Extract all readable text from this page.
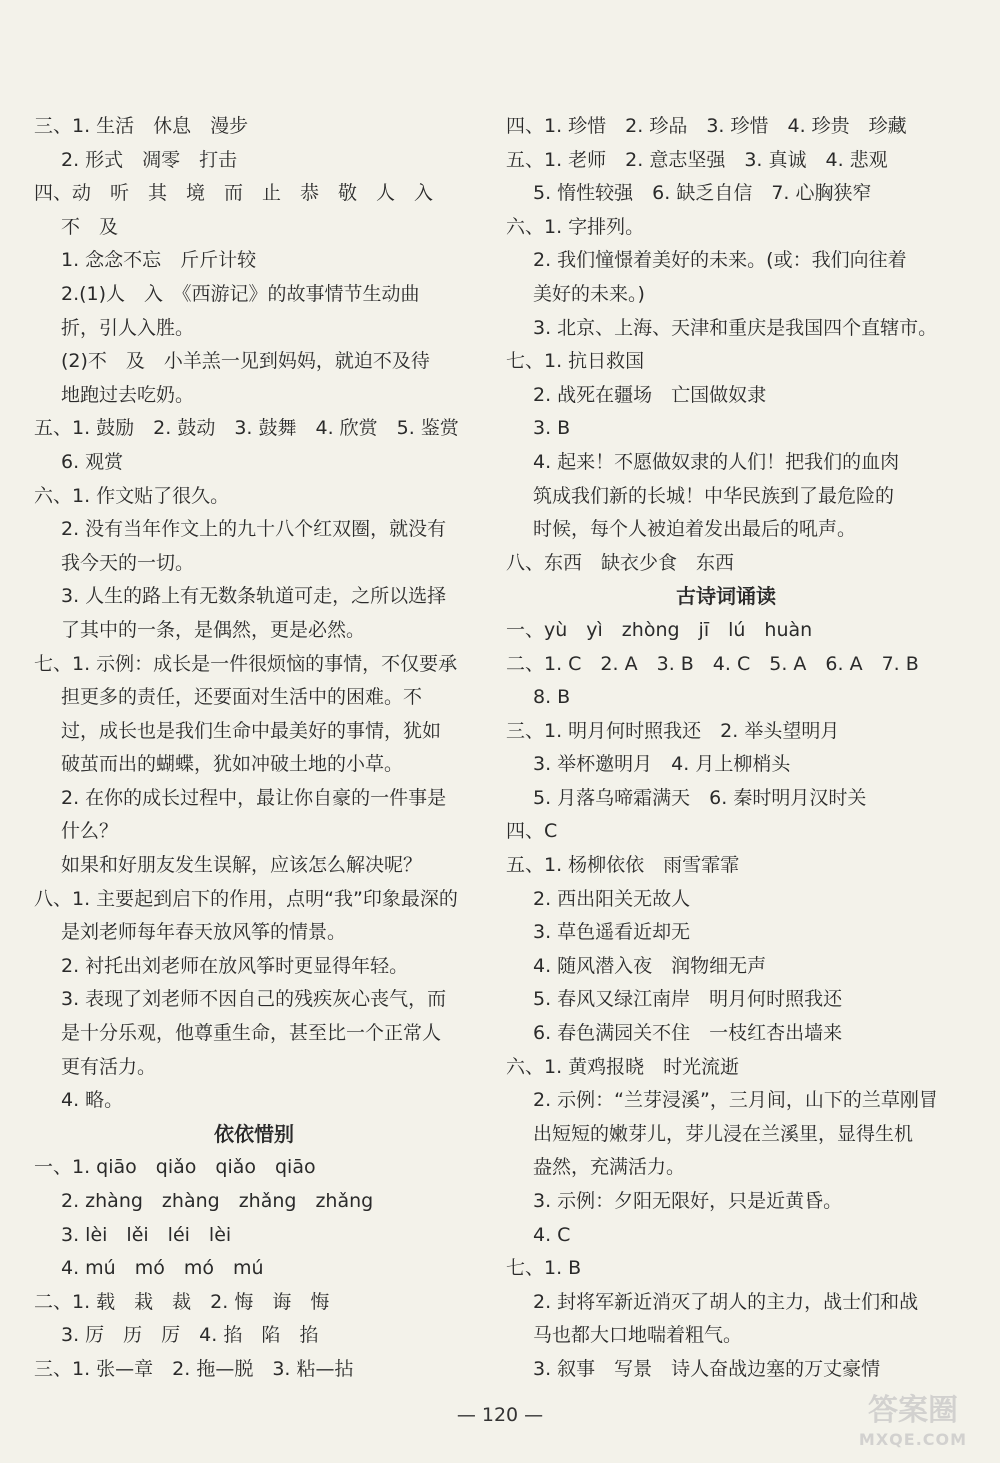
三、1. 生活　休息　漫步
2. 形式　凋零　打击
四、动　听　其　境　而　止　恭　敬　人　入
不　及
1. 念念不忘　斤斤计较
2.(1)人　入　《西游记》的故事情节生动曲
折，引人入胜。
(2)不　及　小羊羔一见到妈妈，就迫不及待
地跑过去吃奶。
五、1. 鼓励　2. 鼓动　3. 鼓舞　4. 欣赏　5. 鉴赏
6. 观赏
六、1. 作文贴了很久。
2. 没有当年作文上的九十八个红双圈，就没有
我今天的一切。
3. 人生的路上有无数条轨道可走，之所以选择
了其中的一条，是偶然，更是必然。
七、1. 示例：成长是一件很烦恼的事情，不仅要承
担更多的责任，还要面对生活中的困难。不
过，成长也是我们生命中最美好的事情，犹如
破茧而出的蝴蝶，犹如冲破土地的小草。
2. 在你的成长过程中，最让你自豪的一件事是
什么？
如果和好朋友发生误解，应该怎么解决呢？
八、1. 主要起到启下的作用，点明“我”印象最深的
是刘老师每年春天放风筝的情景。
2. 衬托出刘老师在放风筝时更显得年轻。
3. 表现了刘老师不因自己的残疾灰心丧气，而
是十分乐观，他尊重生命，甚至比一个正常人
更有活力。
4. 略。
依依惜别
一、1. qiāo　qiǎo　qiǎo　qiāo
2. zhàng　zhàng　zhǎng　zhǎng
3. lèi　lěi　léi　lèi
4. mú　mó　mó　mú
二、1. 载　栽　裁　2. 悔　诲　悔
3. 厉　历　厉　4. 掐　陷　掐
三、1. 张—章　2. 拖—脱　3. 粘—拈
四、1. 珍惜　2. 珍品　3. 珍惜　4. 珍贵　珍藏
五、1. 老师　2. 意志坚强　3. 真诚　4. 悲观
5. 惰性较强　6. 缺乏自信　7. 心胸狭窄
六、1. 字排列。
2. 我们憧憬着美好的未来。(或：我们向往着
美好的未来。)
3. 北京、上海、天津和重庆是我国四个直辖市。
七、1. 抗日救国
2. 战死在疆场　亡国做奴隶
3. B
4. 起来！不愿做奴隶的人们！把我们的血肉
筑成我们新的长城！中华民族到了最危险的
时候，每个人被迫着发出最后的吼声。
八、东西　缺衣少食　东西
古诗词诵读
一、yù　yì　zhòng　jī　lú　huàn
二、1. C　2. A　3. B　4. C　5. A　6. A　7. B
8. B
三、1. 明月何时照我还　2. 举头望明月
3. 举杯邀明月　4. 月上柳梢头
5. 月落乌啼霜满天　6. 秦时明月汉时关
四、C
五、1. 杨柳依依　雨雪霏霏
2. 西出阳关无故人
3. 草色遥看近却无
4. 随风潜入夜　润物细无声
5. 春风又绿江南岸　明月何时照我还
6. 春色满园关不住　一枝红杏出墙来
六、1. 黄鸡报晓　时光流逝
2. 示例：“兰芽浸溪”，三月间，山下的兰草刚冒
出短短的嫩芽儿，芽儿浸在兰溪里，显得生机
盎然，充满活力。
3. 示例：夕阳无限好，只是近黄昏。
4. C
七、1. B
2. 封将军新近消灭了胡人的主力，战士们和战
马也都大口地喘着粗气。
3. 叙事　写景　诗人奋战边塞的万丈豪情
— 120 —	答案圈
MXQE.COM
